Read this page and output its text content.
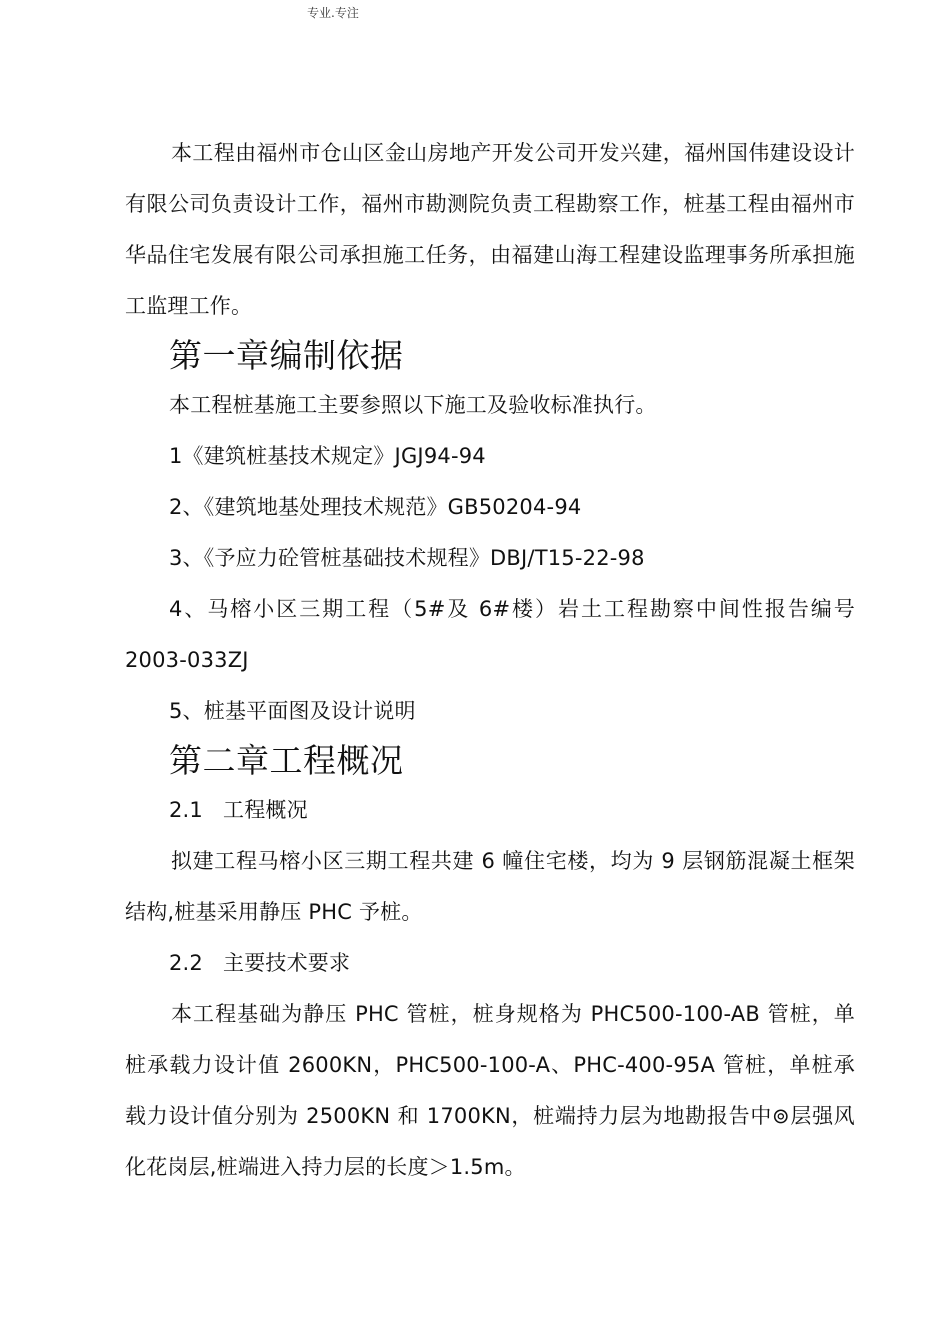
专业.专注

本工程由福州市仓山区金山房地产开发公司开发兴建，福州国伟建设设计有限公司负责设计工作，福州市勘测院负责工程勘察工作，桩基工程由福州市华品住宅发展有限公司承担施工任务，由福建山海工程建设监理事务所承担施工监理工作。

第一章编制依据

本工程桩基施工主要参照以下施工及验收标准执行。

1《建筑桩基技术规定》JGJ94-94

2、《建筑地基处理技术规范》GB50204-94

3、《予应力砼管桩基础技术规程》DBJ/T15-22-98

4、马榕小区三期工程（5#及 6#楼）岩土工程勘察中间性报告编号 2003-033ZJ

5、桩基平面图及设计说明

第二章工程概况

2.1 工程概况

拟建工程马榕小区三期工程共建 6 幢住宅楼，均为 9 层钢筋混凝土框架结构,桩基采用静压 PHC 予桩。

2.2 主要技术要求

本工程基础为静压 PHC 管桩，桩身规格为 PHC500-100-AB 管桩，单桩承载力设计值 2600KN，PHC500-100-A、PHC-400-95A 管桩，单桩承载力设计值分别为 2500KN 和 1700KN，桩端持力层为地勘报告中⊚层强风化花岗层,桩端进入持力层的长度＞1.5m。
